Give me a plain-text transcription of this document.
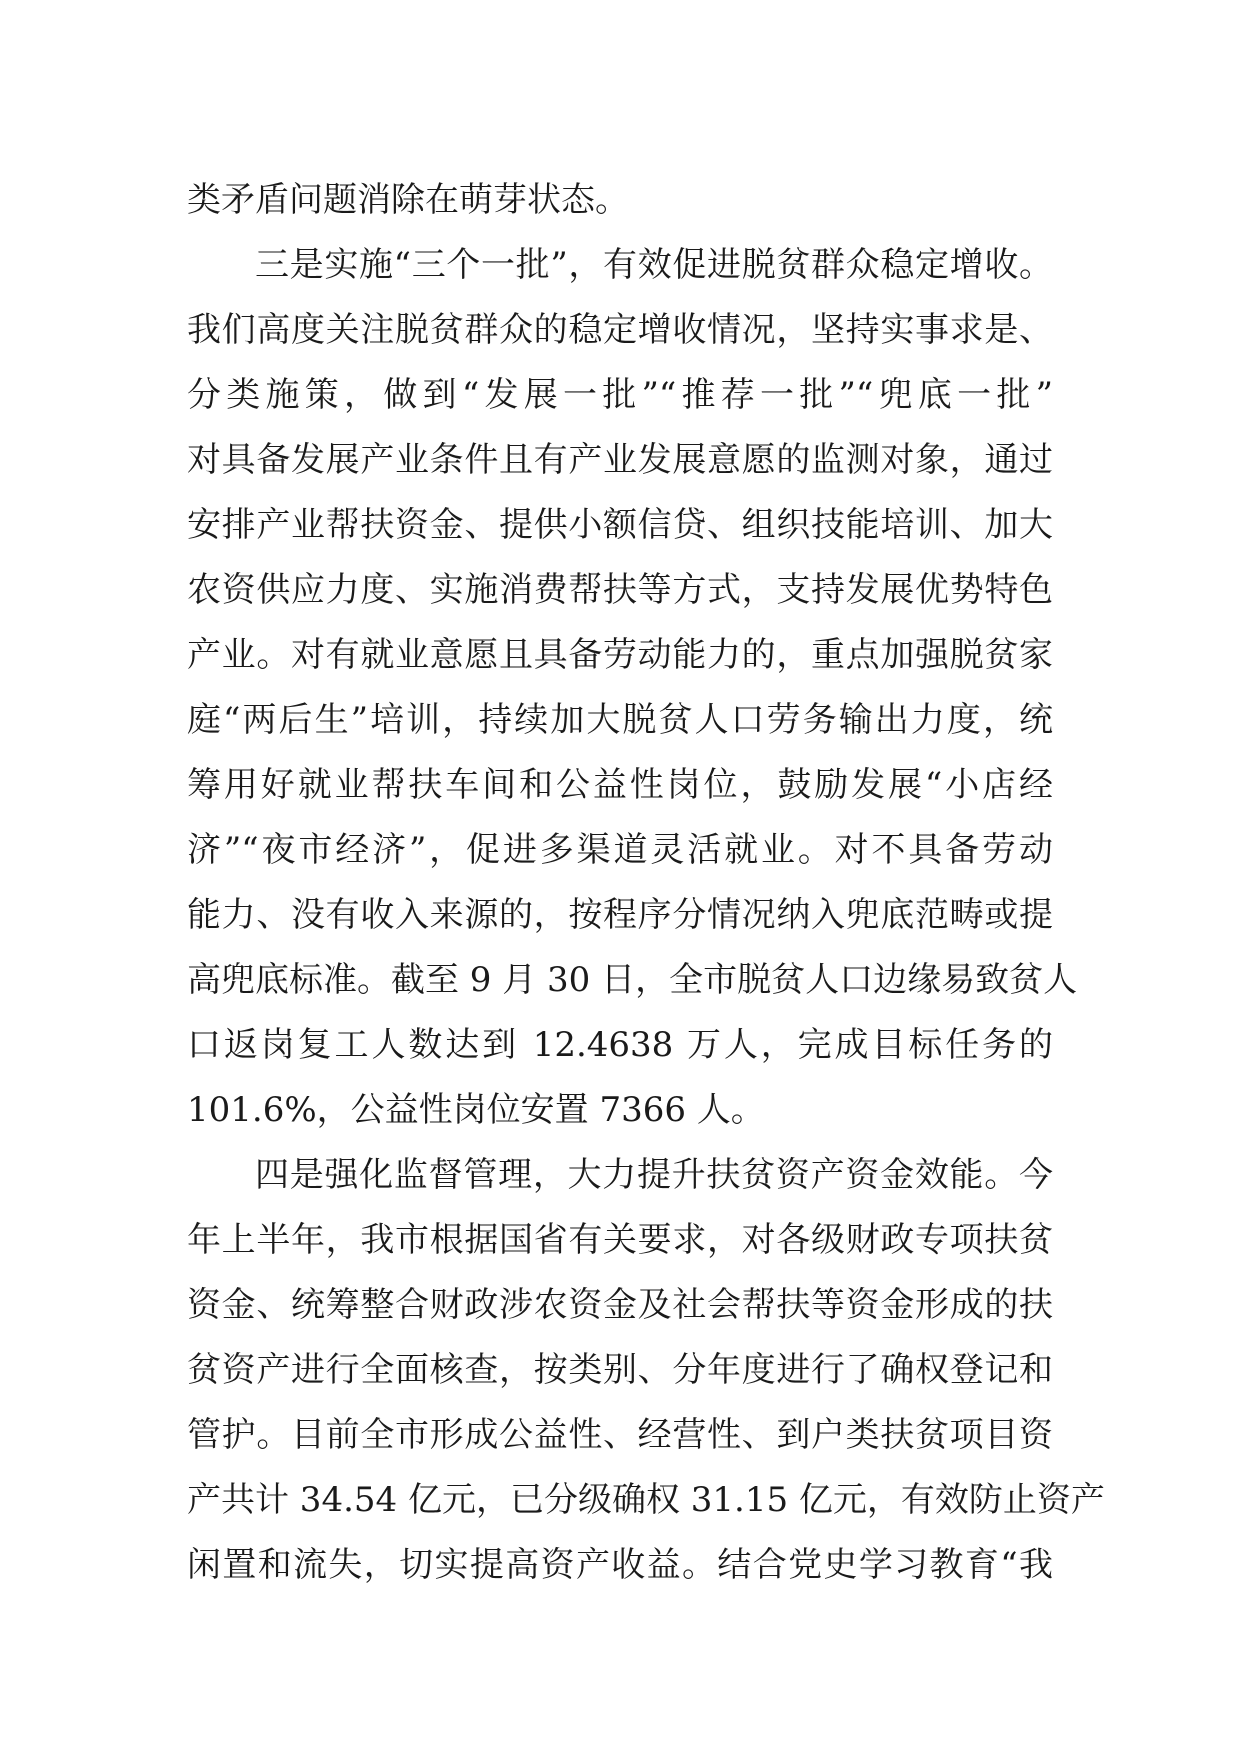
类矛盾问题消除在萌芽状态。
三是实施“三个一批”，有效促进脱贫群众稳定增收。
我们高度关注脱贫群众的稳定增收情况，坚持实事求是、
分类施策，做到“发展一批”“推荐一批”“兜底一批”
对具备发展产业条件且有产业发展意愿的监测对象，通过
安排产业帮扶资金、提供小额信贷、组织技能培训、加大
农资供应力度、实施消费帮扶等方式，支持发展优势特色
产业。对有就业意愿且具备劳动能力的，重点加强脱贫家
庭“两后生”培训，持续加大脱贫人口劳务输出力度，统
筹用好就业帮扶车间和公益性岗位，鼓励发展“小店经
济”“夜市经济”，促进多渠道灵活就业。对不具备劳动
能力、没有收入来源的，按程序分情况纳入兜底范畴或提
高兜底标准。截至 9 月 30 日，全市脱贫人口边缘易致贫人
口返岗复工人数达到 12.4638 万人，完成目标任务的
101.6%，公益性岗位安置 7366 人。
四是强化监督管理，大力提升扶贫资产资金效能。今
年上半年，我市根据国省有关要求，对各级财政专项扶贫
资金、统筹整合财政涉农资金及社会帮扶等资金形成的扶
贫资产进行全面核查，按类别、分年度进行了确权登记和
管护。目前全市形成公益性、经营性、到户类扶贫项目资
产共计 34.54 亿元，已分级确权 31.15 亿元，有效防止资产
闲置和流失，切实提高资产收益。结合党史学习教育“我
